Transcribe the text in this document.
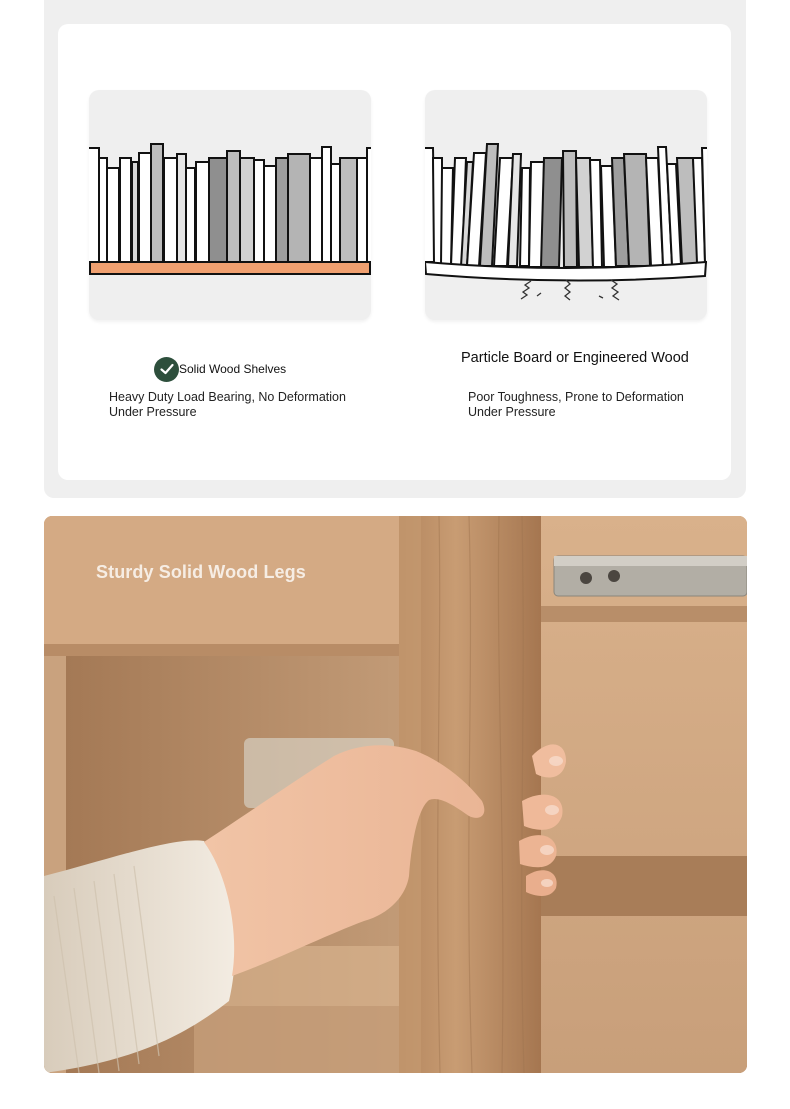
Solid Wood Shelves
Heavy Duty Load Bearing, No Deformation Under Pressure
Particle Board or Engineered Wood
Poor Toughness, Prone to Deformation Under Pressure
Sturdy Solid Wood Legs
